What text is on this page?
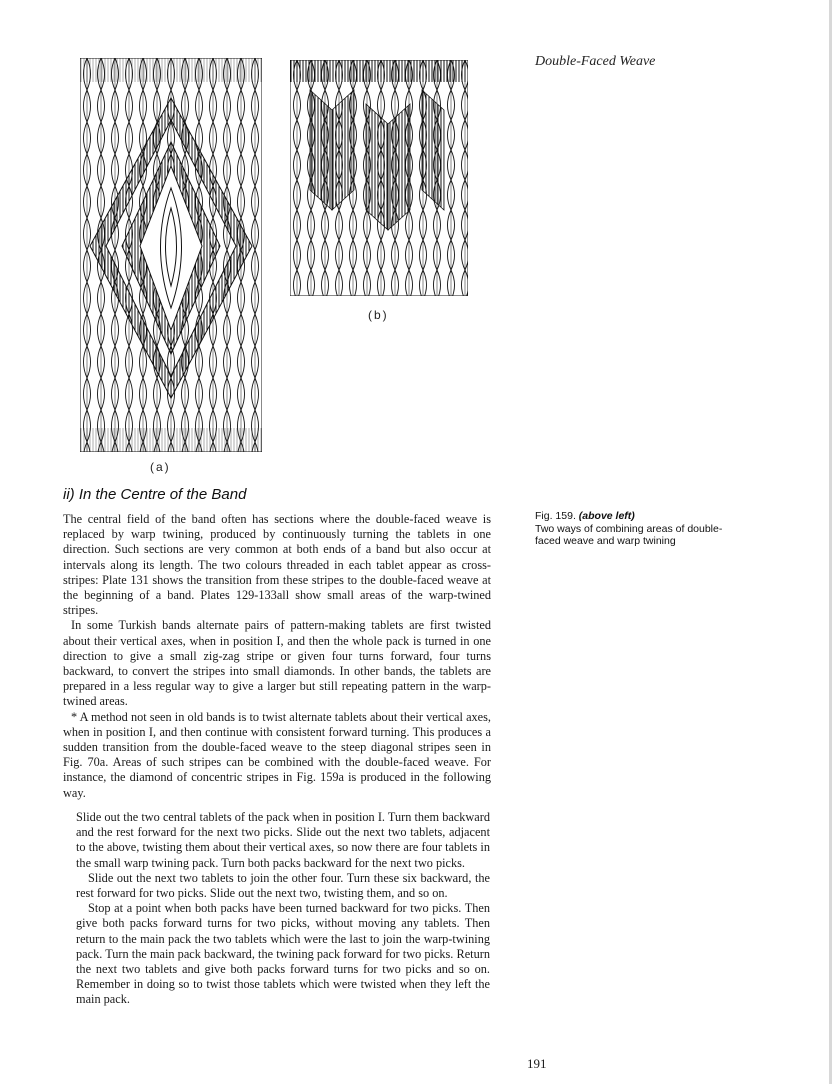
Double-Faced Weave
(a)
(b)
ii) In the Centre of the Band

The central field of the band often has sections where the double-faced weave is replaced by warp twining, produced by continuously turning the tablets in one direction. Such sections are very common at both ends of a band but also occur at intervals along its length. The two colours threaded in each tablet appear as cross-stripes: Plate 131 shows the transition from these stripes to the double-faced weave at the beginning of a band. Plates 129-133all show small areas of the warp-twined stripes.

In some Turkish bands alternate pairs of pattern-making tablets are first twisted about their vertical axes, when in position I, and then the whole pack is turned in one direction to give a small zig-zag stripe or given four turns forward, four turns backward, to convert the stripes into small diamonds. In other bands, the tablets are prepared in a less regular way to give a larger but still repeating pattern in the warp-twined areas.

* A method not seen in old bands is to twist alternate tablets about their vertical axes, when in position I, and then continue with consistent forward turning. This produces a sudden transition from the double-faced weave to the steep diagonal stripes seen in Fig. 70a. Areas of such stripes can be combined with the double-faced weave. For instance, the diamond of concentric stripes in Fig. 159a is produced in the following way.

Slide out the two central tablets of the pack when in position I. Turn them backward and the rest forward for the next two picks. Slide out the next two tablets, adjacent to the above, twisting them about their vertical axes, so now there are four tablets in the small warp twining pack. Turn both packs backward for the next two picks.

Slide out the next two tablets to join the other four. Turn these six backward, the rest forward for two picks. Slide out the next two, twisting them, and so on.

Stop at a point when both packs have been turned backward for two picks. Then give both packs forward turns for two picks, without moving any tablets. Then return to the main pack the two tablets which were the last to join the warp-twining pack. Turn the main pack backward, the twining pack forward for two picks. Return the next two tablets and give both packs forward turns for two picks and so on. Remember in doing so to twist those tablets which were twisted when they left the main pack.

Fig. 159. (above left)
Two ways of combining areas of double-faced weave and warp twining
191
